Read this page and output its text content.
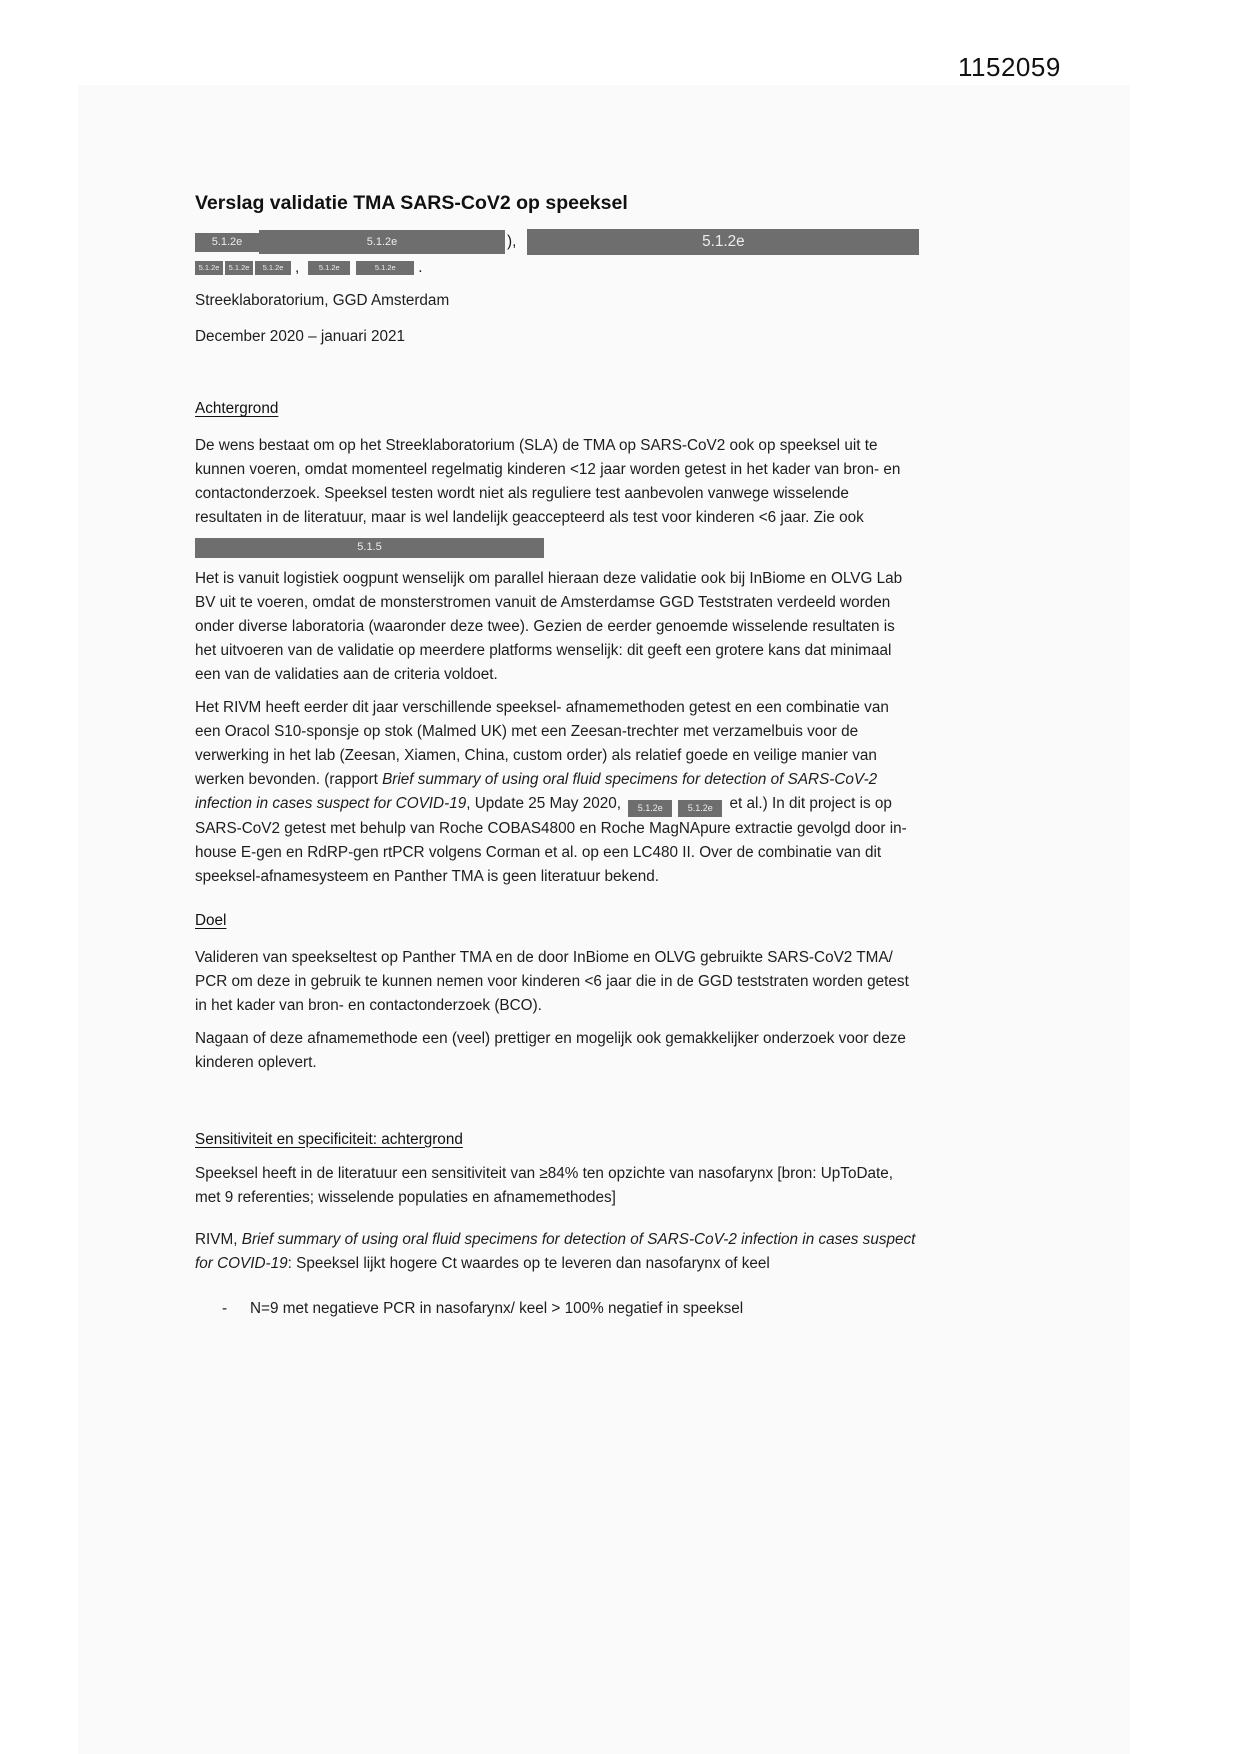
1152059
Verslag validatie TMA SARS-CoV2 op speeksel
5.1.2e	5.1.2e	),	5.1.2e
5.1.2e	5.1.2e	5.1.2e ,	5.1.2e	5.1.2e	.

Streeklaboratorium, GGD Amsterdam

December 2020 – januari 2021

Achtergrond

De wens bestaat om op het Streeklaboratorium (SLA) de TMA op SARS-CoV2 ook op speeksel uit te kunnen voeren, omdat momenteel regelmatig kinderen <12 jaar worden getest in het kader van bron- en contactonderzoek. Speeksel testen wordt niet als reguliere test aanbevolen vanwege wisselende resultaten in de literatuur, maar is wel landelijk geaccepteerd als test voor kinderen <6 jaar. Zie ook 5.1.5

Het is vanuit logistiek oogpunt wenselijk om parallel hieraan deze validatie ook bij InBiome en OLVG Lab BV uit te voeren, omdat de monsterstromen vanuit de Amsterdamse GGD Teststraten verdeeld worden onder diverse laboratoria (waaronder deze twee). Gezien de eerder genoemde wisselende resultaten is het uitvoeren van de validatie op meerdere platforms wenselijk: dit geeft een grotere kans dat minimaal een van de validaties aan de criteria voldoet.

Het RIVM heeft eerder dit jaar verschillende speeksel- afnamemethoden getest en een combinatie van een Oracol S10-sponsje op stok (Malmed UK) met een Zeesan-trechter met verzamelbuis voor de verwerking in het lab (Zeesan, Xiamen, China, custom order) als relatief goede en veilige manier van werken bevonden. (rapport Brief summary of using oral fluid specimens for detection of SARS-CoV-2 infection in cases suspect for COVID-19, Update 25 May 2020, 5.1.2e	5.1.2e et al.) In dit project is op SARS-CoV2 getest met behulp van Roche COBAS4800 en Roche MagNApure extractie gevolgd door in-house E-gen en RdRP-gen rtPCR volgens Corman et al. op een LC480 II. Over de combinatie van dit speeksel-afnamesysteem en Panther TMA is geen literatuur bekend.

Doel

Valideren van speekseltest op Panther TMA en de door InBiome en OLVG gebruikte SARS-CoV2 TMA/ PCR om deze in gebruik te kunnen nemen voor kinderen <6 jaar die in de GGD teststraten worden getest in het kader van bron- en contactonderzoek (BCO).

Nagaan of deze afnamemethode een (veel) prettiger en mogelijk ook gemakkelijker onderzoek voor deze kinderen oplevert.

Sensitiviteit en specificiteit: achtergrond

Speeksel heeft in de literatuur een sensitiviteit van ≥84% ten opzichte van nasofarynx [bron: UpToDate, met 9 referenties; wisselende populaties en afnamemethodes]

RIVM, Brief summary of using oral fluid specimens for detection of SARS-CoV-2 infection in cases suspect for COVID-19: Speeksel lijkt hogere Ct waardes op te leveren dan nasofarynx of keel

-	N=9 met negatieve PCR in nasofarynx/ keel > 100% negatief in speeksel
